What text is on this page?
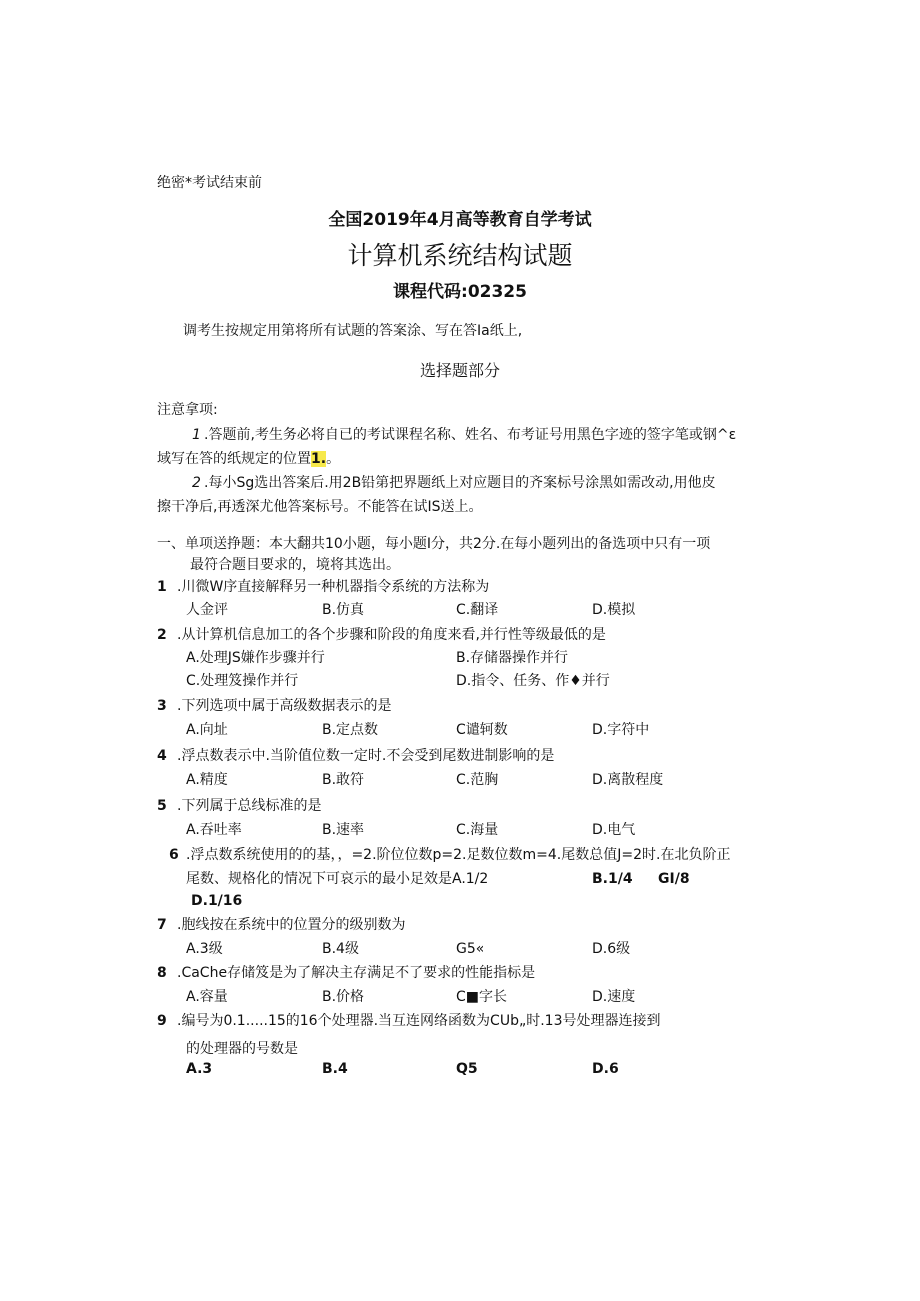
绝密*考试结束前
全国2019年4月高等教育自学考试
计算机系统结构试题
课程代码:02325
调考生按规定用第将所有试题的答案涂、写在答Ia纸上,
选择题部分
注意拿项:
1 .答题前,考生务必将自已的考试课程名称、姓名、布考证号用黑色字迹的签字笔或钢^ε
域写在答的纸规定的位置1.。
2 .每小Sg选出答案后.用2B铅第把界题纸上对应题目的齐案标号涂黑如需改动,用他皮
擦干净后,再透深尤他答案标号。不能答在试IS送上。
一、单项送挣题：本大翻共10小题，每小题I分，共2分.在每小题列出的备选项中只有一项
最符合题目要求的，境将其选出。
1 .川微W序直接解释另一种机器指令系统的方法称为
人金评	B.仿真	C.翻译	D.模拟
2 .从计算机信息加工的各个步骤和阶段的角度来看,并行性等级最低的是
A.处理JS嫌作步骤并行	B.存储器操作并行
C.处理笈操作并行	D.指令、任务、作♦并行
3 .下列选项中属于高级数据表示的是
A.向址	B.定点数	C谴轲数	D.字符中
4 .浮点数表示中.当阶值位数一定时.不会受到尾数进制影响的是
A.精度	B.敢符	C.范胸	D.离散程度
5 .下列属于总线标准的是
A.吞吐率	B.速率	C.海量	D.电气
6 .浮点数系统使用的的基，，=2.阶位位数p=2.足数位数m=4.尾数总值J=2时.在北负阶正
尾数、规格化的情况下可哀示的最小足效是A.1/2	B.1/4 GI/8
D.1/16
7 .胞线按在系统中的位置分的级别数为
A.3级	B.4级	G5«	D.6级
8 .CaChe存储笈是为了解决主存满足不了要求的性能指标是
A.容量	B.价格	C■字长	D.速度
9 .编号为0.1.....15的16个处理器.当互连网络函数为CUb„时.13号处理器连接到
的处理器的号数是
A.3	B.4	Q5	D.6
